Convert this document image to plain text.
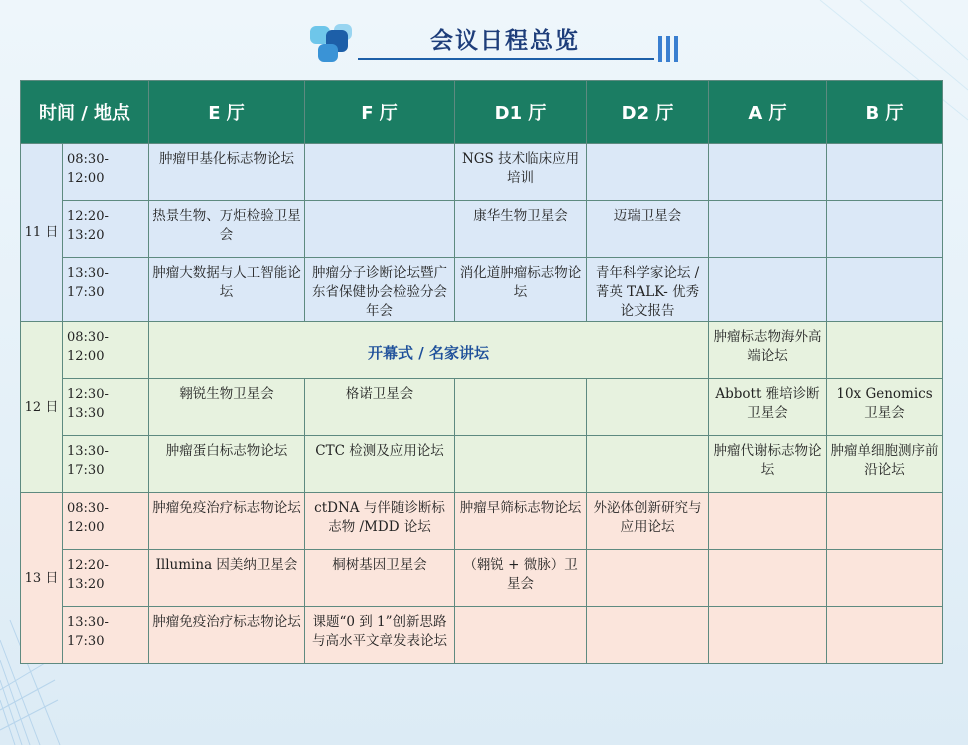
会议日程总览
时间 / 地点		E 厅	F 厅	D1 厅	D2 厅	A 厅	B 厅
11 日	08:30-12:00	肿瘤甲基化标志物论坛		NGS 技术临床应用培训			
	12:20-13:20	热景生物、万炬检验卫星会		康华生物卫星会	迈瑞卫星会		
	13:30-17:30	肿瘤大数据与人工智能论坛	肿瘤分子诊断论坛暨广东省保健协会检验分会年会	消化道肿瘤标志物论坛	青年科学家论坛 / 菁英 TALK- 优秀论文报告		
12 日	08:30-12:00	开幕式 / 名家讲坛				肿瘤标志物海外高端论坛	
	12:30-13:30	翱锐生物卫星会	格诺卫星会			Abbott 雅培诊断卫星会	10x Genomics 卫星会
	13:30-17:30	肿瘤蛋白标志物论坛	CTC 检测及应用论坛			肿瘤代谢标志物论坛	肿瘤单细胞测序前沿论坛
13 日	08:30-12:00	肿瘤免疫治疗标志物论坛	ctDNA 与伴随诊断标志物 /MDD 论坛	肿瘤早筛标志物论坛	外泌体创新研究与应用论坛		
	12:20-13:20	Illumina 因美纳卫星会	桐树基因卫星会	（翱锐 + 微脉）卫星会			
	13:30-17:30	肿瘤免疫治疗标志物论坛	课题“0 到 1”创新思路与高水平文章发表论坛				
